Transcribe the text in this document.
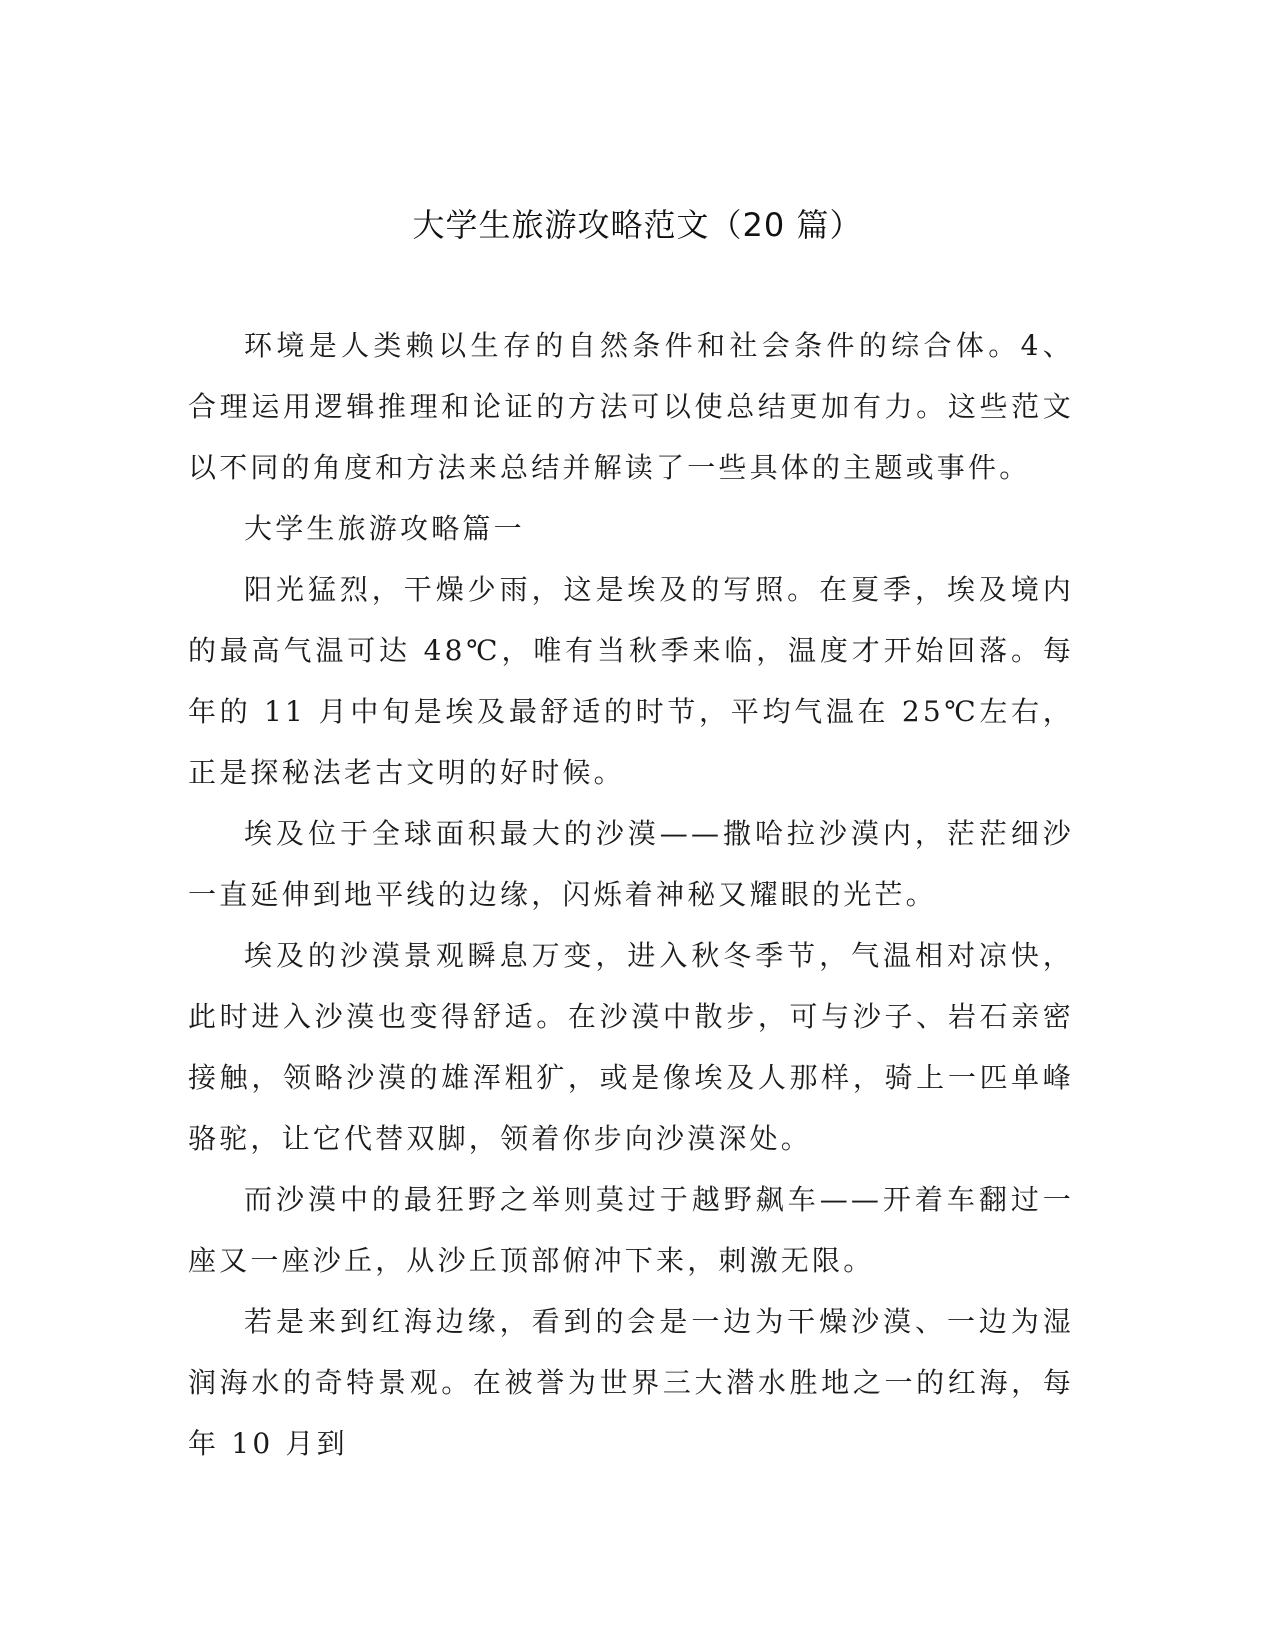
大学生旅游攻略范文（20 篇）

环境是人类赖以生存的自然条件和社会条件的综合体。4、合理运用逻辑推理和论证的方法可以使总结更加有力。这些范文以不同的角度和方法来总结并解读了一些具体的主题或事件。

大学生旅游攻略篇一

阳光猛烈，干燥少雨，这是埃及的写照。在夏季，埃及境内的最高气温可达 48℃，唯有当秋季来临，温度才开始回落。每年的 11 月中旬是埃及最舒适的时节，平均气温在 25℃左右，正是探秘法老古文明的好时候。

埃及位于全球面积最大的沙漠——撒哈拉沙漠内，茫茫细沙一直延伸到地平线的边缘，闪烁着神秘又耀眼的光芒。

埃及的沙漠景观瞬息万变，进入秋冬季节，气温相对凉快，此时进入沙漠也变得舒适。在沙漠中散步，可与沙子、岩石亲密接触，领略沙漠的雄浑粗犷，或是像埃及人那样，骑上一匹单峰骆驼，让它代替双脚，领着你步向沙漠深处。

而沙漠中的最狂野之举则莫过于越野飙车——开着车翻过一座又一座沙丘，从沙丘顶部俯冲下来，刺激无限。

若是来到红海边缘，看到的会是一边为干燥沙漠、一边为湿润海水的奇特景观。在被誉为世界三大潜水胜地之一的红海，每年 10 月到
